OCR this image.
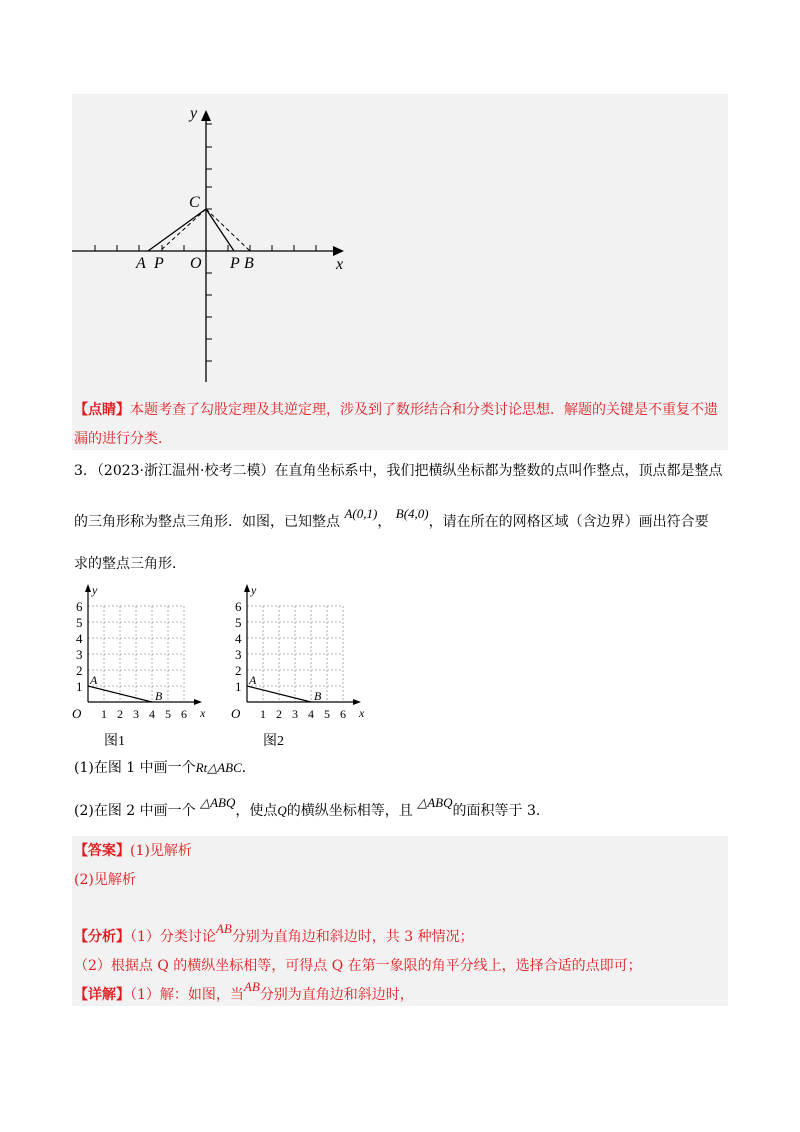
y
x
C
A P O P B
【点睛】本题考查了勾股定理及其逆定理，涉及到了数形结合和分类讨论思想．解题的关键是不重复不遗
漏的进行分类．
3．（2023·浙江温州·校考二模）在直角坐标系中，我们把横纵坐标都为整数的点叫作整点，顶点都是整点
的三角形称为整点三角形．如图，已知整点 A(0,1)， B(4,0)，请在所在的网格区域（含边界）画出符合要
求的整点三角形．
y
x
O
1
2
3
4
5
6
1 2 3 4 5 6
A
B
图1
y
x
O
1
2
3
4
5
6
1 2 3 4 5 6
A
B
图2
(1)在图 1 中画一个Rt△ABC．
(2)在图 2 中画一个 △ABQ，使点Q的横纵坐标相等，且 △ABQ的面积等于 3.
【答案】(1)见解析
(2)见解析
【分析】（1）分类讨论AB分别为直角边和斜边时，共 3 种情况；
（2）根据点 Q 的横纵坐标相等，可得点 Q 在第一象限的角平分线上，选择合适的点即可；
【详解】（1）解：如图，当AB分别为直角边和斜边时，
